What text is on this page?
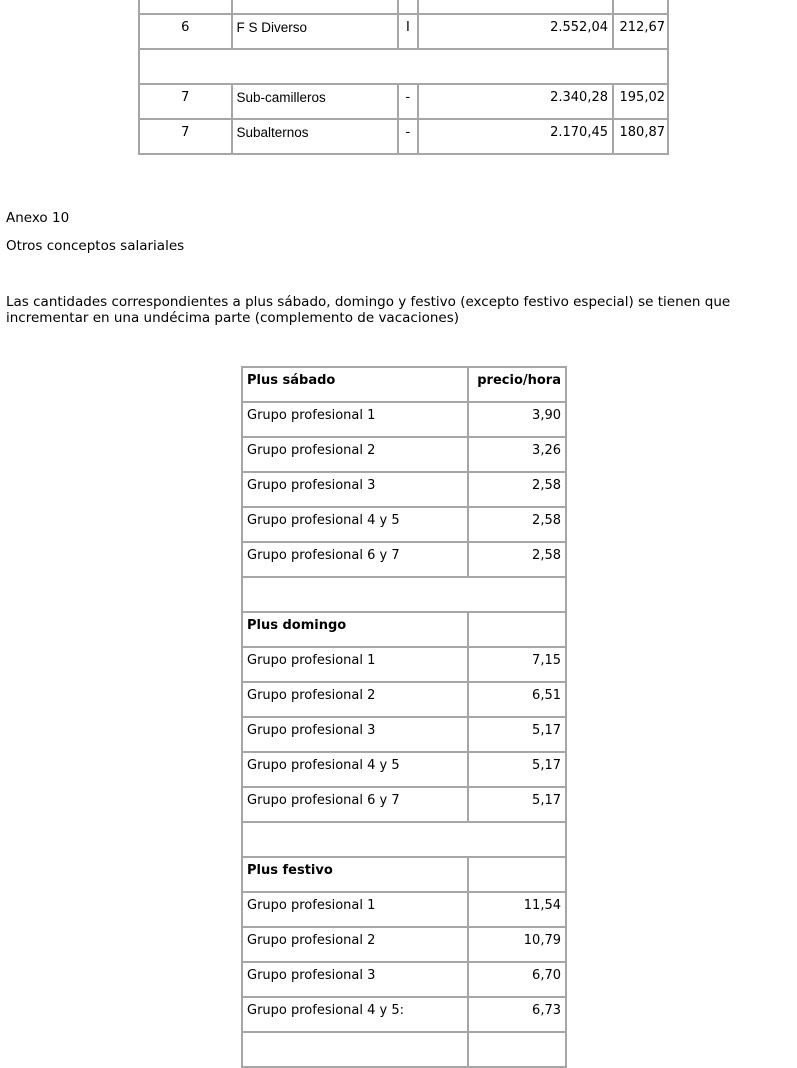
6	F S Diverso	I	2.552,04	212,67

7	Sub-camilleros	-	2.340,28	195,02
7	Subalternos	-	2.170,45	180,87

Anexo 10

Otros conceptos salariales

Las cantidades correspondientes a plus sábado, domingo y festivo (excepto festivo especial) se tienen que incrementar en una undécima parte (complemento de vacaciones)

Plus sábado	precio/hora
Grupo profesional 1	3,90
Grupo profesional 2	3,26
Grupo profesional 3	2,58
Grupo profesional 4 y 5	2,58
Grupo profesional 6 y 7	2,58

Plus domingo	
Grupo profesional 1	7,15
Grupo profesional 2	6,51
Grupo profesional 3	5,17
Grupo profesional 4 y 5	5,17
Grupo profesional 6 y 7	5,17

Plus festivo	
Grupo profesional 1	11,54
Grupo profesional 2	10,79
Grupo profesional 3	6,70
Grupo profesional 4 y 5:	6,73
